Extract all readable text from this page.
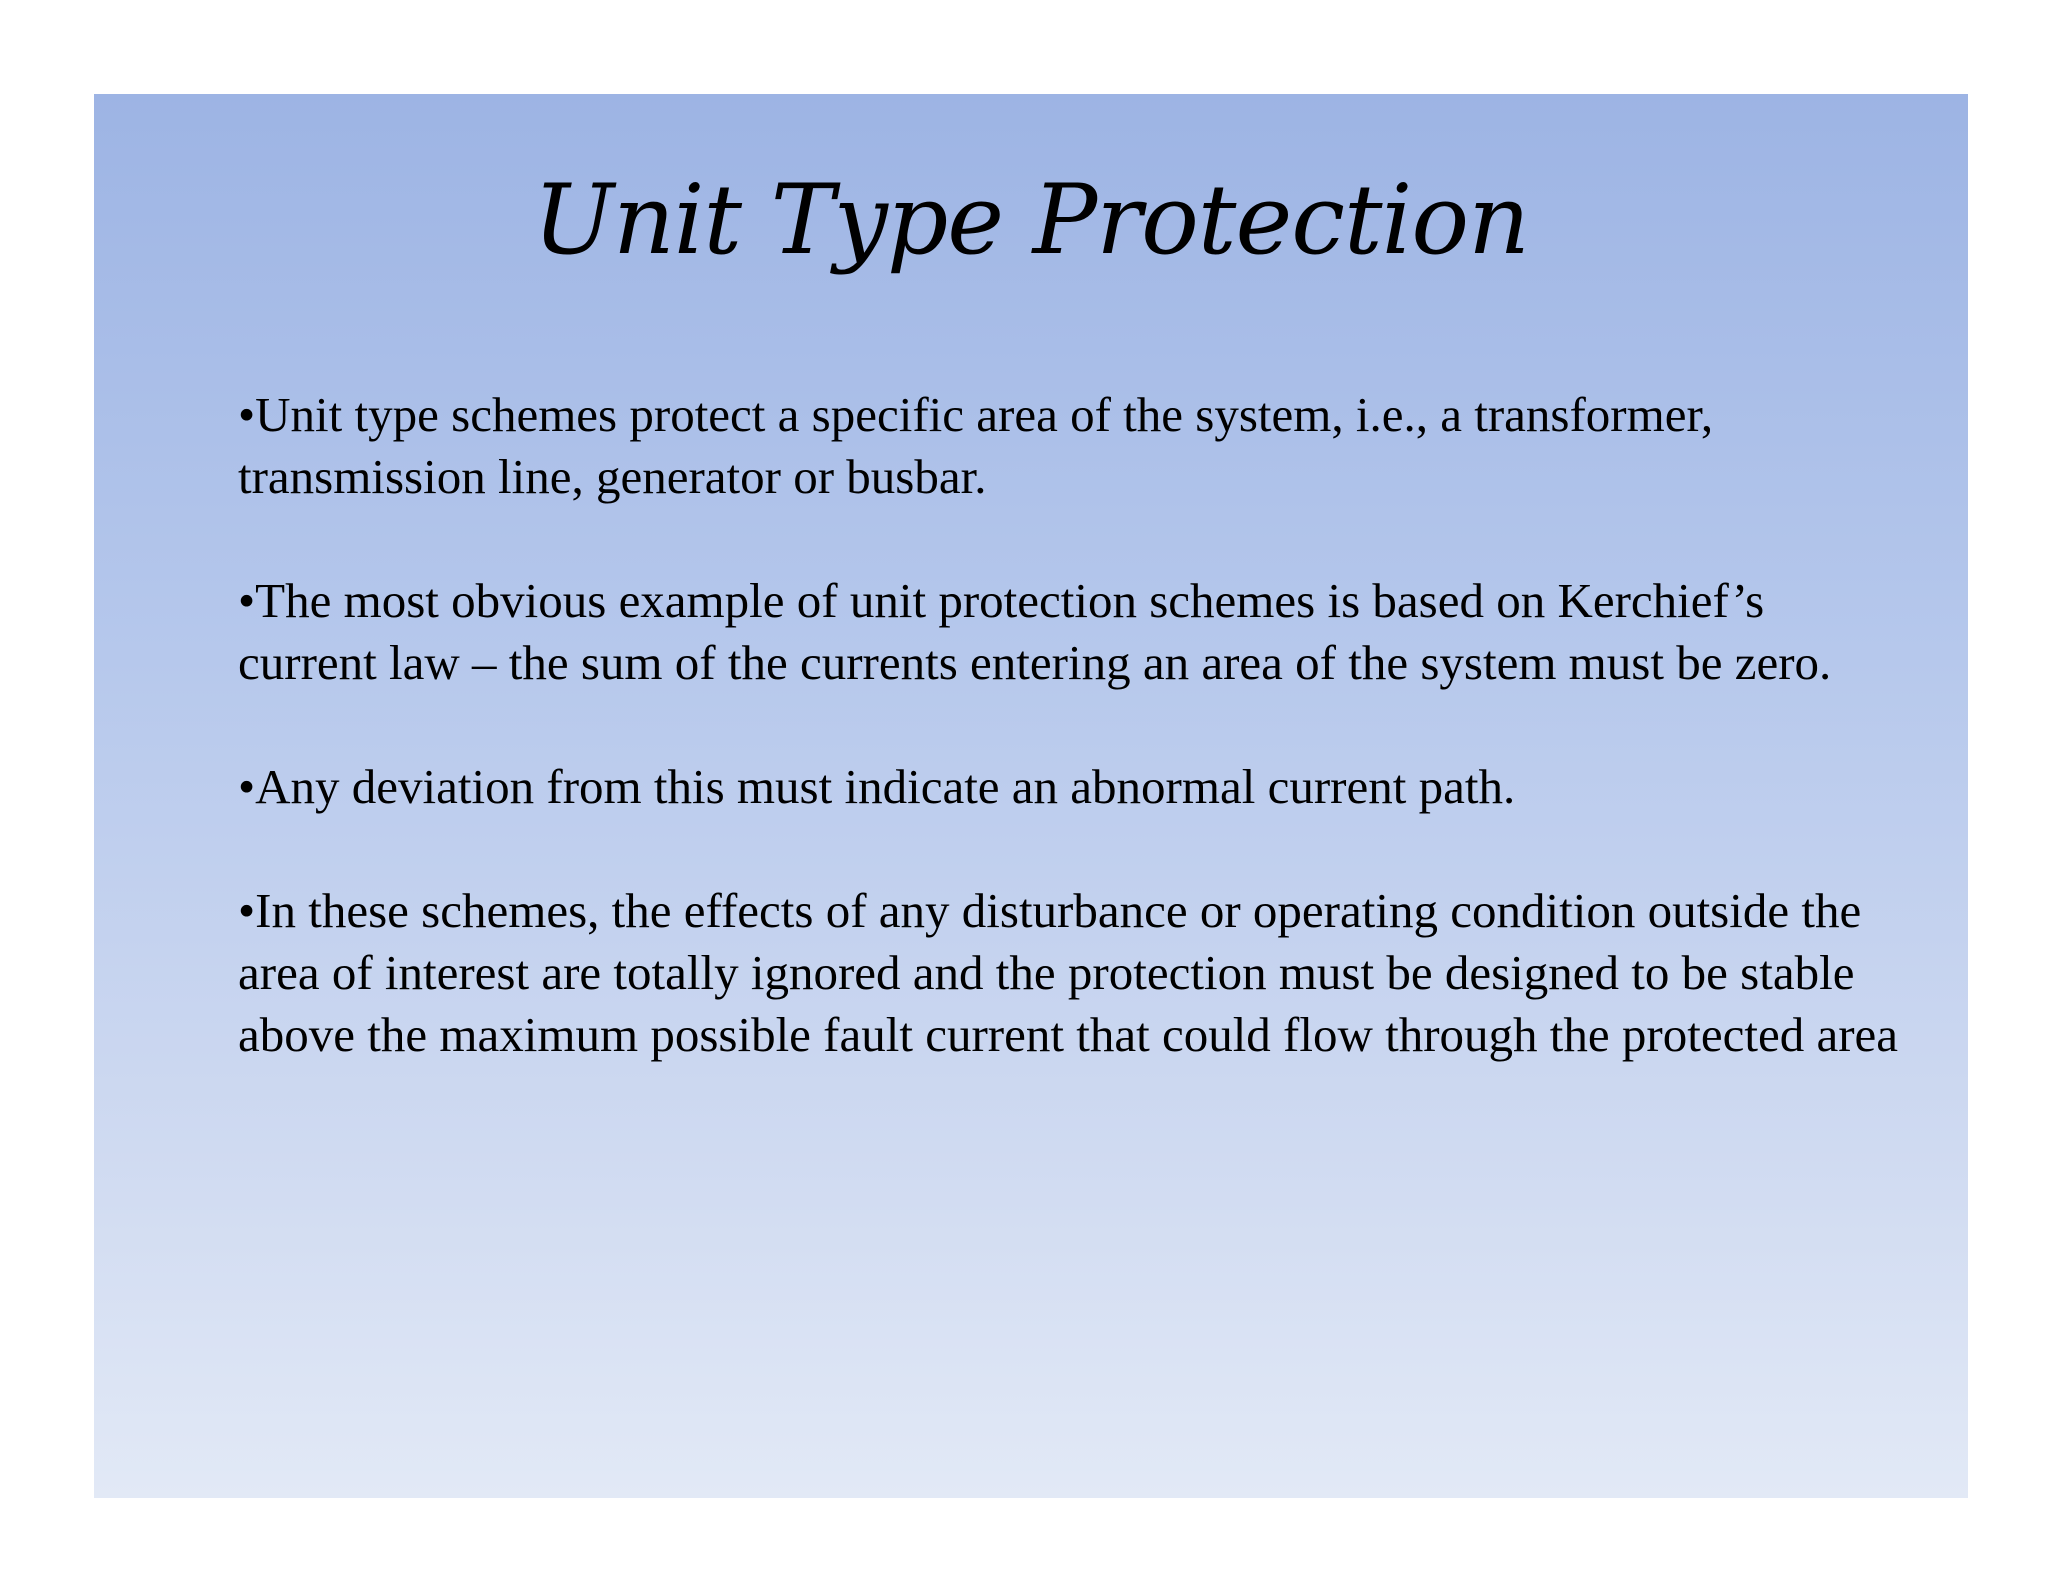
Unit Type Protection

•Unit type schemes protect a specific area of the system, i.e., a transformer, transmission line, generator or busbar.

•The most obvious example of unit protection schemes is based on Kerchief’s current law – the sum of the currents entering an area of the system must be zero.

•Any deviation from this must indicate an abnormal current path.

•In these schemes, the effects of any disturbance or operating condition outside the area of interest are totally ignored and the protection must be designed to be stable above the maximum possible fault current that could flow through the protected area
